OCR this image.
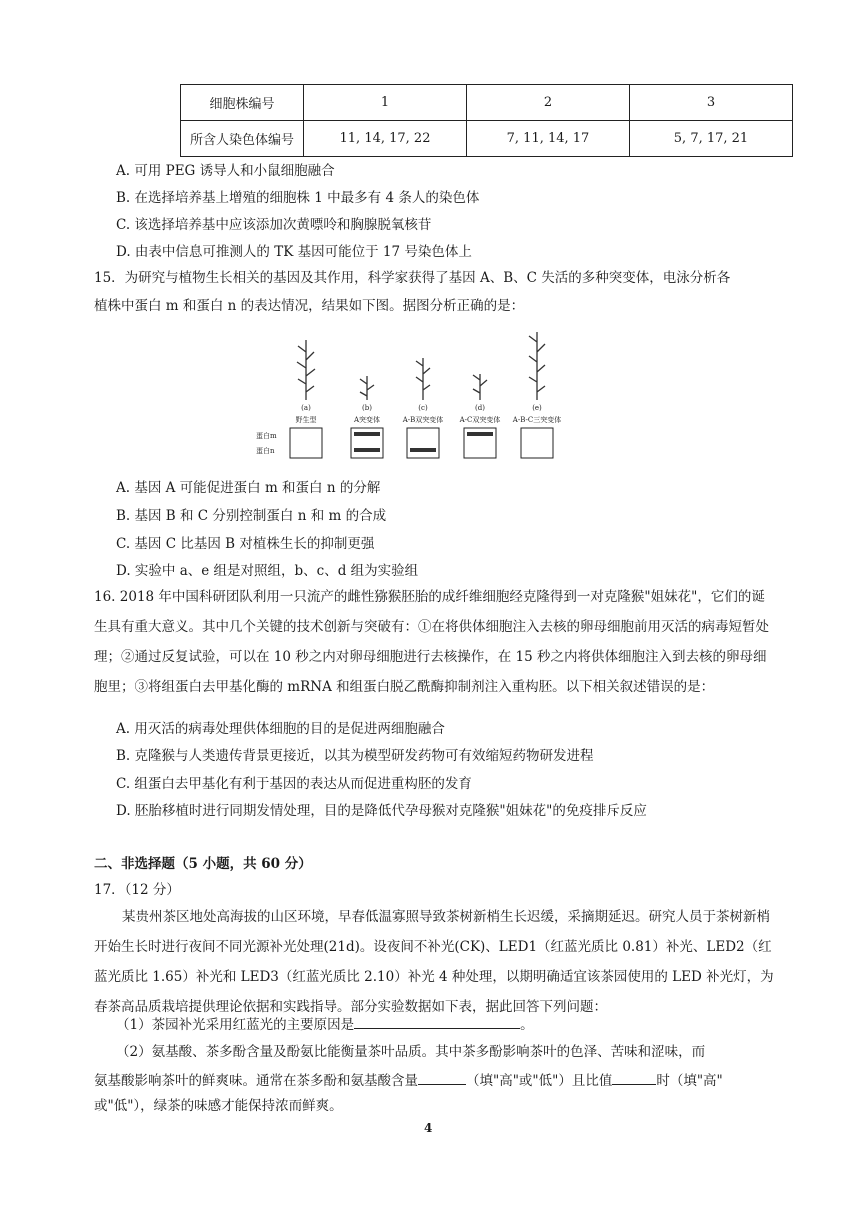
细胞株编号	1	2	3
所含人染色体编号	11, 14, 17, 22	7, 11, 14, 17	5, 7, 17, 21
A. 可用 PEG 诱导人和小鼠细胞融合
B. 在选择培养基上增殖的细胞株 1 中最多有 4 条人的染色体
C. 该选择培养基中应该添加次黄嘌呤和胸腺脱氧核苷
D. 由表中信息可推测人的 TK 基因可能位于 17 号染色体上
15．为研究与植物生长相关的基因及其作用，科学家获得了基因 A、B、C 失活的多种突变体，电泳分析各
植株中蛋白 m 和蛋白 n 的表达情况，结果如下图。据图分析正确的是：
(a)	(b)	(c)	(d)	(e)
野生型	A突变体	A-B双突变体 A-C双突变体 A-B-C三突变体
蛋白m
蛋白n
A. 基因 A 可能促进蛋白 m 和蛋白 n 的分解
B. 基因 B 和 C 分别控制蛋白 n 和 m 的合成
C. 基因 C 比基因 B 对植株生长的抑制更强
D. 实验中 a、e 组是对照组，b、c、d 组为实验组
16. 2018 年中国科研团队利用一只流产的雌性猕猴胚胎的成纤维细胞经克隆得到一对克隆猴"姐妹花"，它们的诞生具有重大意义。其中几个关键的技术创新与突破有：①在将供体细胞注入去核的卵母细胞前用灭活的病毒短暂处理；②通过反复试验，可以在 10 秒之内对卵母细胞进行去核操作，在 15 秒之内将供体细胞注入到去核的卵母细胞里；③将组蛋白去甲基化酶的 mRNA 和组蛋白脱乙酰酶抑制剂注入重构胚。以下相关叙述错误的是：
A. 用灭活的病毒处理供体细胞的目的是促进两细胞融合
B. 克隆猴与人类遗传背景更接近，以其为模型研发药物可有效缩短药物研发进程
C. 组蛋白去甲基化有利于基因的表达从而促进重构胚的发育
D. 胚胎移植时进行同期发情处理，目的是降低代孕母猴对克隆猴"姐妹花"的免疫排斥反应
二、非选择题（5 小题，共 60 分）
17．（12 分）
某贵州茶区地处高海拔的山区环境，早春低温寡照导致茶树新梢生长迟缓，采摘期延迟。研究人员于茶树新梢开始生长时进行夜间不同光源补光处理(21d)。设夜间不补光(CK)、LED1（红蓝光质比 0.81）补光、LED2（红蓝光质比 1.65）补光和 LED3（红蓝光质比 2.10）补光 4 种处理，以期明确适宜该茶园使用的 LED 补光灯，为春茶高品质栽培提供理论依据和实践指导。部分实验数据如下表，据此回答下列问题：
（1）茶园补光采用红蓝光的主要原因是	。
（2）氨基酸、茶多酚含量及酚氨比能衡量茶叶品质。其中茶多酚影响茶叶的色泽、苦味和涩味，而
氨基酸影响茶叶的鲜爽味。通常在茶多酚和氨基酸含量	（填"高"或"低"）且比值	时（填"高"
或"低"），绿茶的味感才能保持浓而鲜爽。
4
